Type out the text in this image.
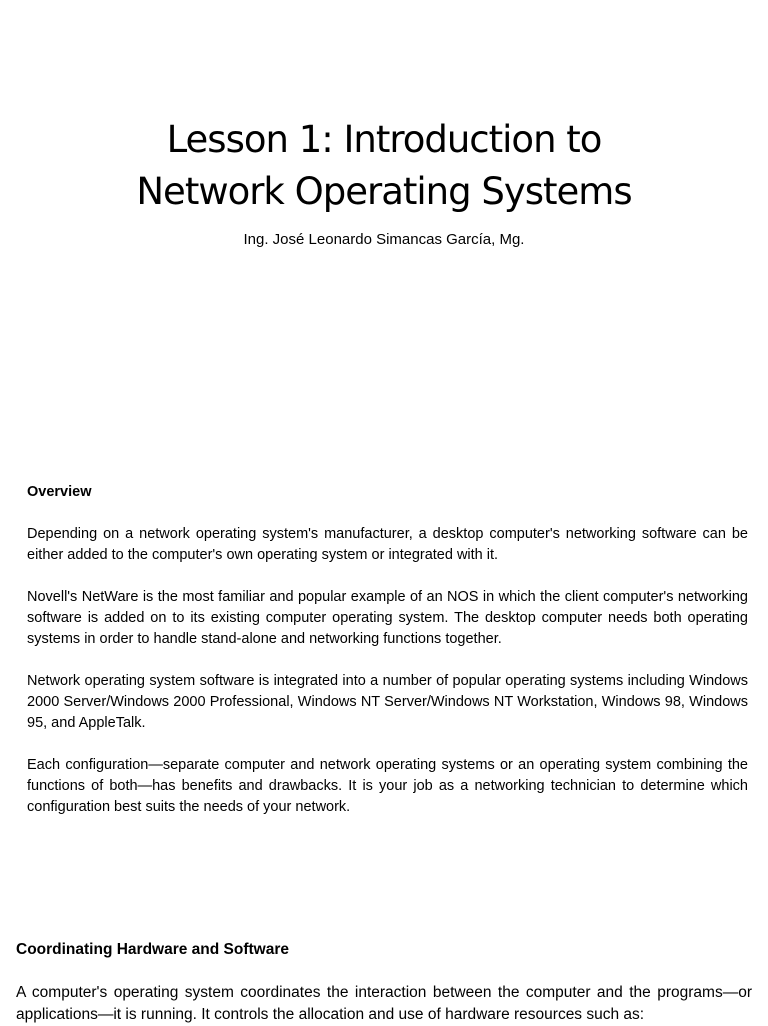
Lesson 1: Introduction to
Network Operating Systems

Ing. José Leonardo Simancas García, Mg.

Overview

Depending on a network operating system's manufacturer, a desktop computer's networking software can be either added to the computer's own operating system or integrated with it.

Novell's NetWare is the most familiar and popular example of an NOS in which the client computer's networking software is added on to its existing computer operating system. The desktop computer needs both operating systems in order to handle stand-alone and networking functions together.

Network operating system software is integrated into a number of popular operating systems including Windows 2000 Server/Windows 2000 Professional, Windows NT Server/Windows NT Workstation, Windows 98, Windows 95, and AppleTalk.

Each configuration—separate computer and network operating systems or an operating system combining the functions of both—has benefits and drawbacks. It is your job as a networking technician to determine which configuration best suits the needs of your network.

Coordinating Hardware and Software

A computer's operating system coordinates the interaction between the computer and the programs—or applications—it is running. It controls the allocation and use of hardware resources such as:
